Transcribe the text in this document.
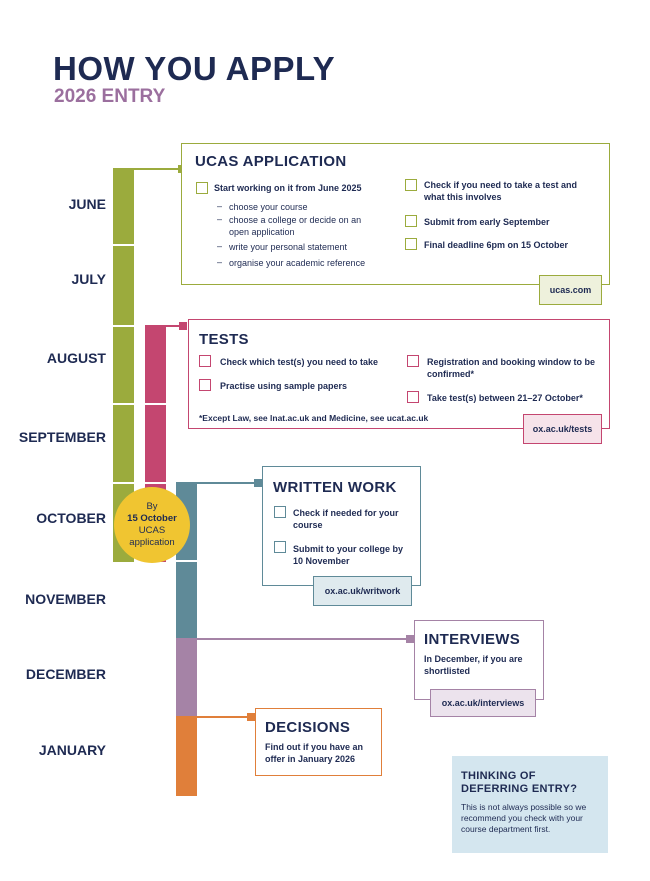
HOW YOU APPLY
2026 ENTRY
JUNE
JULY
AUGUST
SEPTEMBER
OCTOBER
NOVEMBER
DECEMBER
JANUARY
By
15 October
UCAS
application
UCAS APPLICATION
Start working on it from June 2025
– choose your course
– choose a college or decide on an open application
– write your personal statement
– organise your academic reference
Check if you need to take a test and what this involves
Submit from early September
Final deadline 6pm on 15 October
ucas.com
TESTS
Check which test(s) you need to take
Practise using sample papers
Registration and booking window to be confirmed*
Take test(s) between 21–27 October*
*Except Law, see lnat.ac.uk and Medicine, see ucat.ac.uk
ox.ac.uk/tests
WRITTEN WORK
Check if needed for your course
Submit to your college by 10 November
ox.ac.uk/writwork
INTERVIEWS
In December, if you are shortlisted
ox.ac.uk/interviews
DECISIONS
Find out if you have an offer in January 2026
THINKING OF DEFERRING ENTRY?
This is not always possible so we recommend you check with your course department first.
